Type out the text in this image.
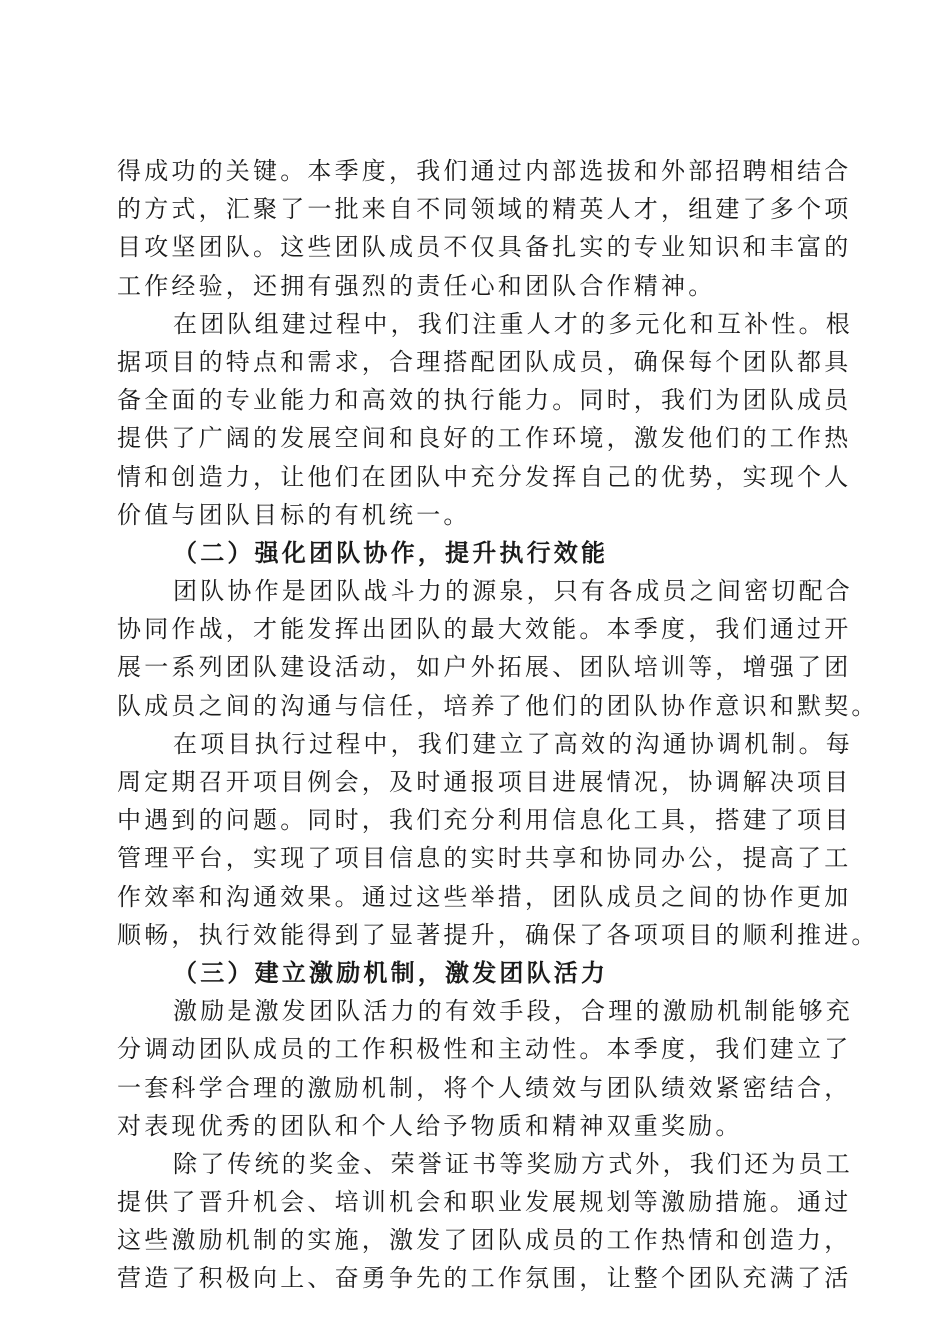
得成功的关键。本季度，我们通过内部选拔和外部招聘相结合
的方式，汇聚了一批来自不同领域的精英人才，组建了多个项
目攻坚团队。这些团队成员不仅具备扎实的专业知识和丰富的
工作经验，还拥有强烈的责任心和团队合作精神。
在团队组建过程中，我们注重人才的多元化和互补性。根
据项目的特点和需求，合理搭配团队成员，确保每个团队都具
备全面的专业能力和高效的执行能力。同时，我们为团队成员
提供了广阔的发展空间和良好的工作环境，激发他们的工作热
情和创造力，让他们在团队中充分发挥自己的优势，实现个人
价值与团队目标的有机统一。
（二）强化团队协作，提升执行效能
团队协作是团队战斗力的源泉，只有各成员之间密切配合
协同作战，才能发挥出团队的最大效能。本季度，我们通过开
展一系列团队建设活动，如户外拓展、团队培训等，增强了团
队成员之间的沟通与信任，培养了他们的团队协作意识和默契。
在项目执行过程中，我们建立了高效的沟通协调机制。每
周定期召开项目例会，及时通报项目进展情况，协调解决项目
中遇到的问题。同时，我们充分利用信息化工具，搭建了项目
管理平台，实现了项目信息的实时共享和协同办公，提高了工
作效率和沟通效果。通过这些举措，团队成员之间的协作更加
顺畅，执行效能得到了显著提升，确保了各项项目的顺利推进。
（三）建立激励机制，激发团队活力
激励是激发团队活力的有效手段，合理的激励机制能够充
分调动团队成员的工作积极性和主动性。本季度，我们建立了
一套科学合理的激励机制，将个人绩效与团队绩效紧密结合，
对表现优秀的团队和个人给予物质和精神双重奖励。
除了传统的奖金、荣誉证书等奖励方式外，我们还为员工
提供了晋升机会、培训机会和职业发展规划等激励措施。通过
这些激励机制的实施，激发了团队成员的工作热情和创造力，
营造了积极向上、奋勇争先的工作氛围，让整个团队充满了活
